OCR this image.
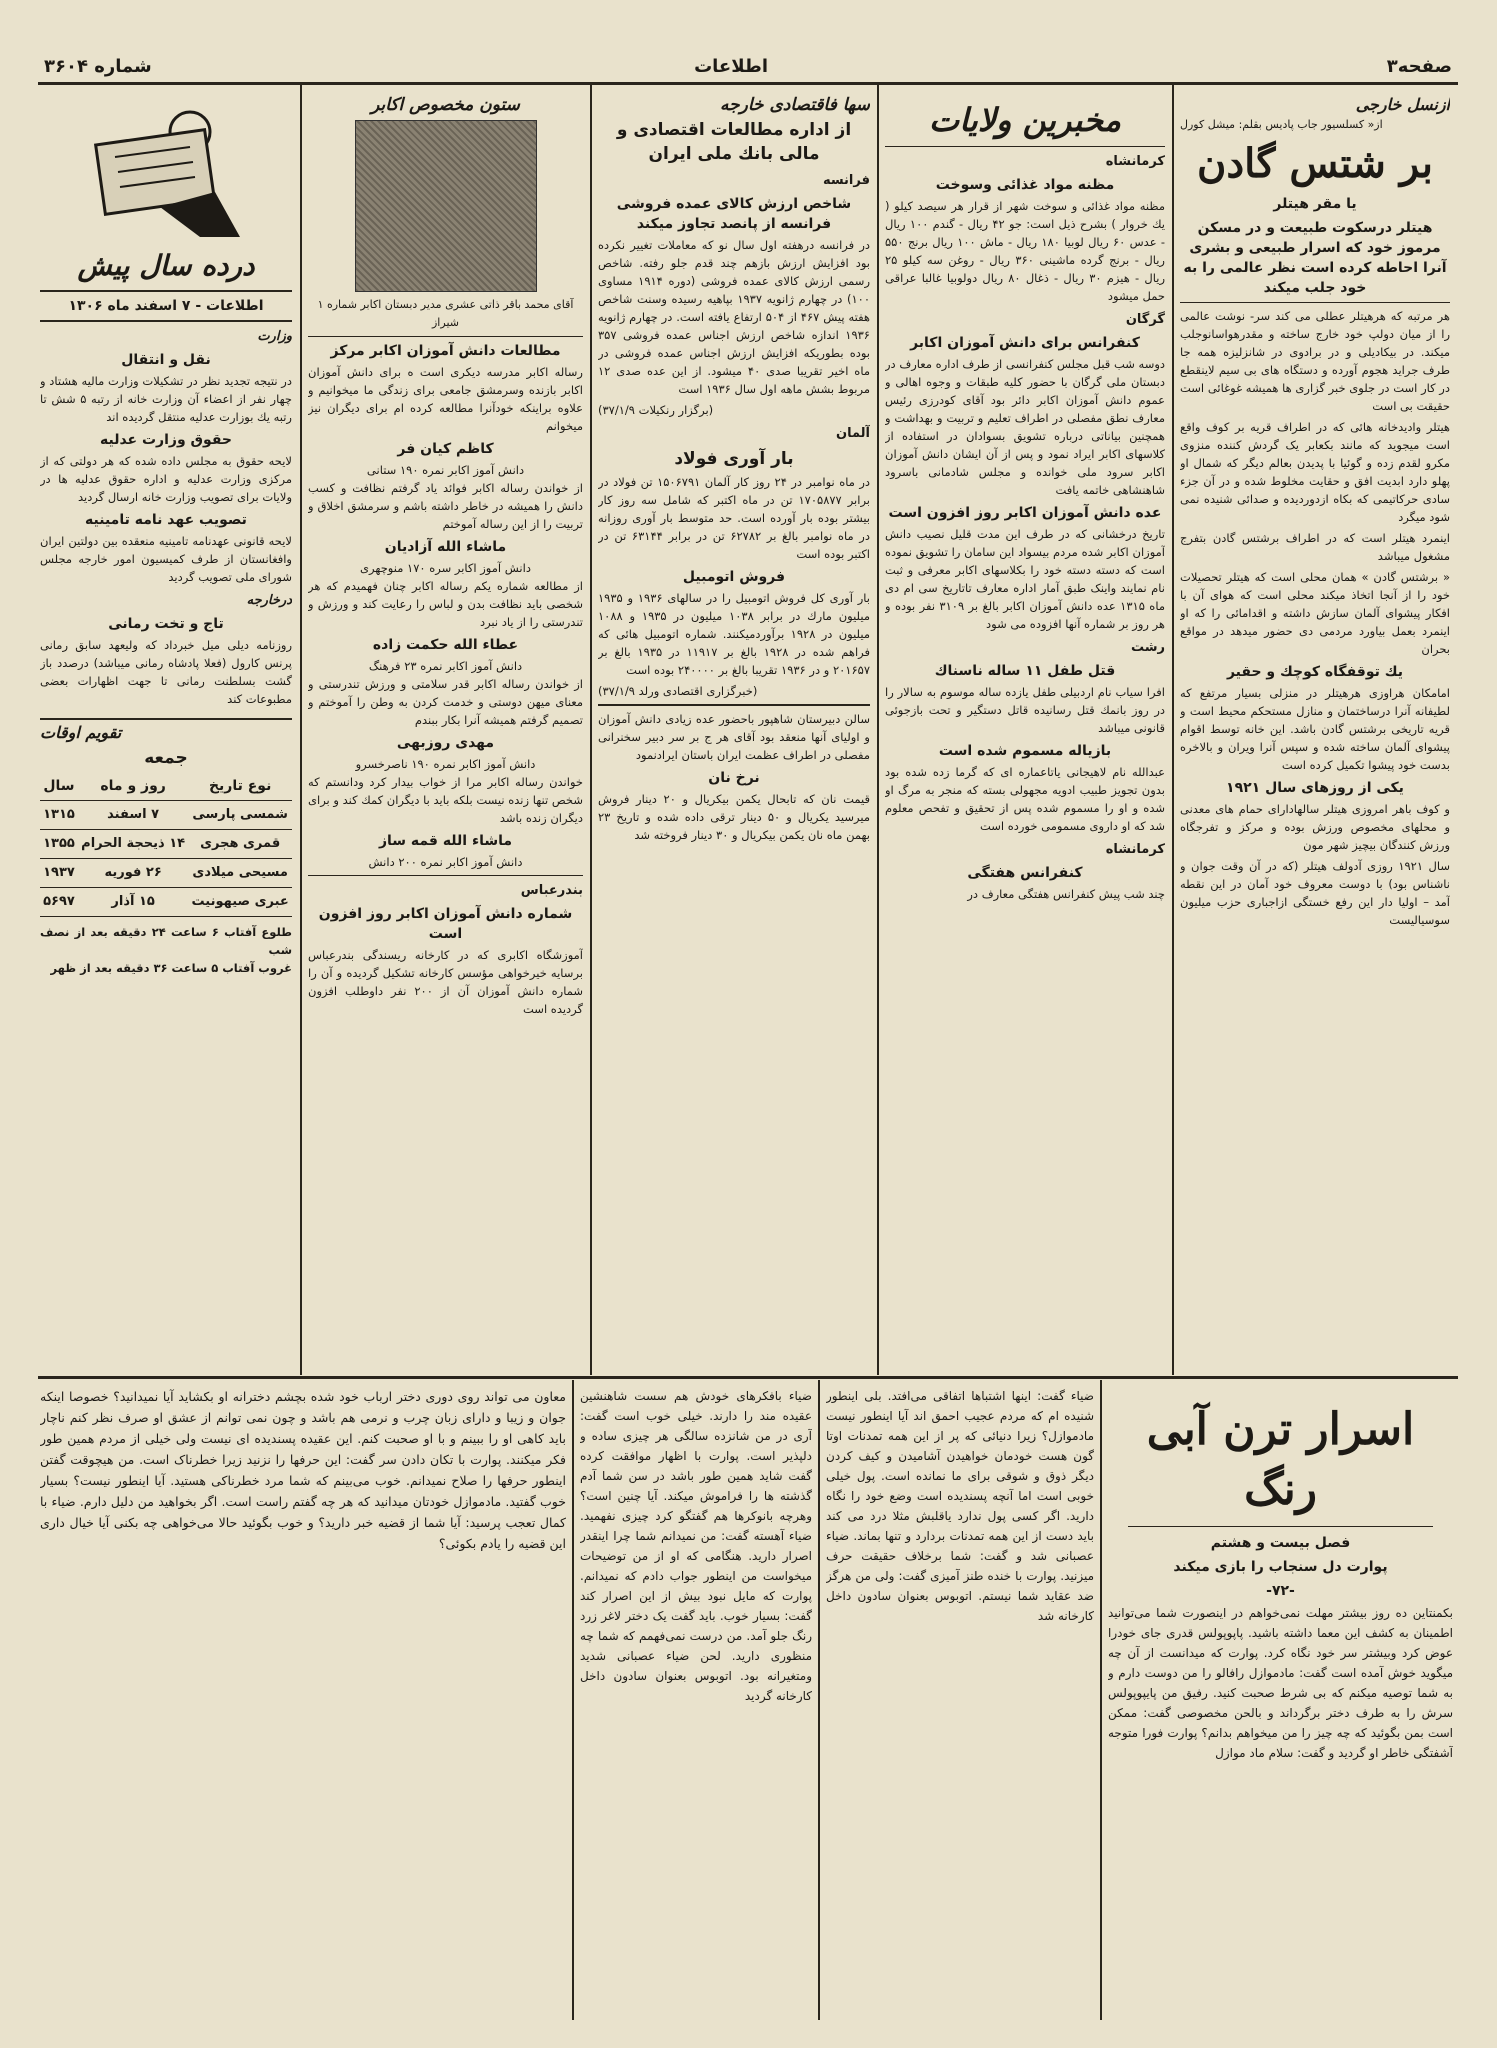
صفحه۳
اطلاعات
شماره ۳۶۰۴
ازنسل خارجی
از« کسلسیور جاب پادیس بقلم: میشل کورل
بر شتس گادن
یا مقر هیتلر
هیتلر درسکوت طبیعت و در مسکن مرموز خود که اسرار طبیعی و بشری آنرا احاطه کرده است نظر عالمی را به خود جلب میکند

هر مرتبه که هرهیتلر عطلی می کند سر- نوشت عالمی را از میان دولپ خود خارج ساخته و مقدرهواسانوجلب میکند. در بیکادیلی و در برادوی در شانزلیزه همه جا طرف جراید هجوم آورده و دستگاه های بی سیم لاینقطع در کار است در جلوی خبر گزاری ها همیشه غوغائی است حقیقت بی است

هیتلر وادیدخانه هائی که در اطراف قریه بر کوف واقع است میجوید که مانند بکعابر یک گردش کننده منزوی مکرو لقدم زده و گوئیا با پدیدن بعالم دیگر که شمال او پهلو دارد ابدیت افق و حقایت مخلوط شده و در آن جزء سادی حرکاتیمی که بکاه ازدوردیده و صدائی شنیده نمی شود میگرد

اینمرد هیتلر است که در اطراف برشتس گادن بتفرج مشغول میباشد

« برشتس گادن » همان محلی است که هیتلر تحصیلات خود را از آنجا اتخاذ میکند محلی است که هوای آن با افکار پیشوای آلمان سازش داشته و اقدامائی را که او اینمرد بعمل بیاورد مردمی دی حضور میدهد در مواقع بحران

یك توقفگاه کوچك و حقیر

امامکان هراوزی هرهیتلر در منزلی بسیار مرتفع که لطیفانه آنرا درساختمان و منازل مستحکم محیط است و قریه تاریخی برشتس گادن باشد. این خانه توسط اقوام پیشوای آلمان ساخته شده و سپس آنرا ویران و بالاخره بدست خود پیشوا تکمیل کرده است

یکی از روزهای سال ۱۹۲۱

و کوف باهر امروزی هیتلر سالهادارای حمام های معدنی و محلهای مخصوص ورزش بوده و مرکز و تفرجگاه ورزش کنندگان بیچیز شهر مون

سال ۱۹۲۱ روزی آدولف هیتلر (که در آن وقت جوان و ناشناس بود) با دوست معروف خود آمان در این نقطه آمد – اولیا دار این رفع خستگی ازاجباری حزب میلیون سوسیالیست

مخبرین ولایات
کرمانشاه
مظنه مواد غذائی وسوخت

مظنه مواد غذائی و سوخت شهر از قرار هر سیصد کیلو ( یك خروار ) بشرح ذیل است: جو ۴۲ ریال - گندم ۱۰۰ ریال - عدس ۶۰ ریال لوبیا ۱۸۰ ریال - ماش ۱۰۰ ریال برنج ۵۵۰ ریال - برنج گرده ماشینی ۳۶۰ ریال - روغن سه کیلو ۲۵ ریال - هیزم ۳۰ ریال - ذغال ۸۰ ریال دولوبیا غالبا عراقی حمل میشود

گرگان
کنفرانس برای دانش آموزان اکابر

دوسه شب قبل مجلس کنفرانسی از طرف اداره معارف در دبستان ملی گرگان با حضور کلیه طبقات و وجوه اهالی و عموم دانش آموزان اکابر دائر بود آقای کودرزی رئیس معارف نطق مفصلی در اطراف تعلیم و تربیت و بهداشت و همچنین بیاناتی درباره تشویق بسوادان در استفاده از کلاسهای اکابر ایراد نمود و پس از آن ایشان دانش آموزان اکابر سرود ملی خوانده و مجلس شادمانی باسرود شاهنشاهی خاتمه یافت

عده دانش آموزان اکابر روز افزون است

تاریخ درخشانی که در طرف این مدت قلیل نصیب دانش آموزان اکابر شده مردم بیسواد این سامان را تشویق نموده است که دسته دسته خود را بکلاسهای اکابر معرفی و ثبت نام نمایند واینک طبق آمار اداره معارف تاتاریخ سی ام دی ماه ۱۳۱۵ عده دانش آموزان اکابر بالغ بر ۳۱۰۹ نفر بوده و هر روز بر شماره آنها افزوده می شود

رشت
قتل طفل ۱۱ ساله ناسناك

افرا سیاب نام اردبیلی طفل یازده ساله موسوم به سالار را در روز بانمك قتل رسانیده قاتل دستگیر و تحت بازجوئی قانونی میباشد

بازیاله مسموم شده است

عبدالله نام لاهیجانی یاتاعماره ای که گرما زده شده بود بدون تجویز طبیب ادویه مجهولی بسته که منجر به مرگ او شده و او را مسموم شده پس از تحقیق و تفحص معلوم شد که او داروی مسمومی خورده است

کرمانشاه
کنفرانس هفتگی

چند شب پیش کنفرانس هفتگی معارف در

سها فاقتصادی خارجه
از اداره مطالعات اقتصادی و مالی بانك ملی ایران
فرانسه
شاخص ارزش کالای عمده فروشی فرانسه از پانصد تجاوز میکند

در فرانسه درهفته اول سال نو که معاملات تغییر نکرده بود افزایش ارزش بازهم چند قدم جلو رفته. شاخص رسمی ارزش کالای عمده فروشی (دوره ۱۹۱۴ مساوی ۱۰۰) در چهارم ژانویه ۱۹۳۷ بپاهیه رسیده وسنت شاخص هفته پیش ۴۶۷ از ۵۰۴ ارتفاع یافته است. در چهارم ژانویه ۱۹۳۶ اندازه شاخص ارزش اجناس عمده فروشی ۳۵۷ بوده بطوریکه افزایش ارزش اجناس عمده فروشی در ماه اخیر تقریبا صدی ۴۰ میشود. از این عده صدی ۱۲ مربوط بشش ماهه اول سال ۱۹۳۶ است

(برگزار رنکیلات ۳۷/۱/۹)
آلمان
بار آوری فولاد

در ماه نوامبر در ۲۴ روز کار آلمان ۱۵۰۶۷۹۱ تن فولاد در برابر ۱۷۰۵۸۷۷ تن در ماه اکتبر که شامل سه روز کار بیشتر بوده بار آورده است. حد متوسط بار آوری روزانه در ماه نوامبر بالغ بر ۶۲۷۸۲ تن در برابر ۶۳۱۴۴ تن در اکتبر بوده است

فروش اتومبیل

بار آوری کل فروش اتومبیل را در سالهای ۱۹۳۶ و ۱۹۳۵ میلیون مارك در برابر ۱۰۳۸ میلیون در ۱۹۳۵ و ۱۰۸۸ میلیون در ۱۹۲۸ برآوردمیکنند. شماره اتومبیل هائی که فراهم شده در ۱۹۲۸ بالغ بر ۱۱۹۱۷ در ۱۹۳۵ بالغ بر ۲۰۱۶۵۷ و در ۱۹۳۶ تقریبا بالغ بر ۲۴۰۰۰۰ بوده است

(خبرگزاری اقتصادی ورلد ۳۷/۱/۹)

سالن دبیرستان شاهپور باحضور عده زیادی دانش آموزان و اولیای آنها منعقد بود آقای هر ج بر سر دبیر سخنرانی مفصلی در اطراف عظمت ایران باستان ایرادنمود

نرخ نان

قیمت نان که تابحال یکمن بیکریال و ۲۰ دینار فروش میرسید یکریال و ۵۰ دینار ترقی داده شده و تاریخ ۲۳ بهمن ماه نان یکمن بیکریال و ۳۰ دینار فروخته شد

ستون مخصوص اکابر
آقای محمد باقر ذاتی عشری مدیر دبستان اکابر شماره ۱ شیراز
مطالعات دانش آموزان اکابر مرکز

رساله اکابر مدرسه دیکری است ه برای دانش آموزان اکابر بازنده وسرمشق جامعی برای زندگی ما میخوانیم و علاوه براینکه خودآنرا مطالعه کرده ام برای دیگران نیز میخوانم

کاظم کیان فر
دانش آموز اکابر نمره ۱۹۰ ستانی

از خواندن رساله اکابر فوائد یاد گرفتم نظافت و کسب دانش را همیشه در خاطر داشته باشم و سرمشق اخلاق و تربیت را از این رساله آموختم

ماشاء الله آزادیان
دانش آموز اکابر سره ۱۷۰ منوچهری

از مطالعه شماره یکم رساله اکابر چنان فهمیدم که هر شخصی باید نظافت بدن و لباس را رعایت کند و ورزش و تندرستی را از یاد نبرد

عطاء الله حکمت زاده
دانش آموز اکابر نمره ۲۳ فرهنگ

از خواندن رساله اکابر قدر سلامتی و ورزش تندرستی و معنای میهن دوستی و خدمت کردن به وطن را آموختم و تصمیم گرفتم همیشه آنرا بکار ببندم

مهدی روزبهی
دانش آموز اکابر نمره ۱۹۰ ناصرخسرو

خواندن رساله اکابر مرا از خواب بیدار کرد ودانستم که شخص تنها زنده نیست بلکه باید با دیگران کمك کند و برای دیگران زنده باشد

ماشاء الله قمه ساز
دانش آموز اکابر نمره ۲۰۰ دانش
بندرعباس
شماره دانش آموزان اکابر روز افزون است

آموزشگاه اکابری که در کارخانه ریسندگی بندرعباس برسایه خیرخواهی مؤسس کارخانه تشکیل گردیده و آن را شماره دانش آموزان آن از ۲۰۰ نفر داوطلب افزون گردیده است

درده سال پیش
اطلاعات - ۷ اسفند ماه ۱۳۰۶
وزارت
نقل و انتقال

در نتیجه تجدید نظر در تشکیلات وزارت مالیه هشتاد و چهار نفر از اعضاء آن وزارت خانه از رتبه ۵ شش تا رتبه یك بوزارت عدلیه منتقل گردیده اند

حقوق وزارت عدلیه

لایحه حقوق به مجلس داده شده که هر دولتی که از مرکزی وزارت عدلیه و اداره حقوق عدلیه ها در ولایات برای تصویب وزارت خانه ارسال گردید

تصویب عهد نامه تامینیه

لایحه قانونی عهدنامه تامینیه منعقده بین دولتین ایران وافغانستان از طرف کمیسیون امور خارجه مجلس شورای ملی تصویب گردید

درخارجه
تاج و تخت رمانی

روزنامه دیلی میل خبرداد که ولیعهد سابق رمانی پرنس کارول (فعلا پادشاه رمانی میباشد) درصدد باز گشت بسلطنت رمانی تا جهت اظهارات بعضی مطبوعات کند

تقویم اوقات
جمعه
نوع تاریخ	روز و ماه	سال
شمسی پارسی	۷ اسفند	۱۳۱۵
قمری هجری	۱۴ ذیحجة الحرام	۱۳۵۵
مسیحی میلادی	۲۶ فوریه	۱۹۳۷
عبری صیهونیت	۱۵ آذار	۵۶۹۷
طلوع آفتاب ۶ ساعت ۲۴ دقیقه بعد از نصف شب
غروب آفتاب ۵ ساعت ۳۶ دقیقه بعد از ظهر
اسرار ترن آبی رنگ
فصل بیست و هشتم
پوارت دل سنجاب را بازی میکند
-۷۲-

بکمنتاین ده روز بیشتر مهلت نمی‌خواهم در اینصورت شما می‌توانید اطمینان به کشف این معما داشته باشید. پاپوپولس قدری جای خودرا عوض کرد وبیشتر سر خود نگاه کرد. پوارت که میدانست از آن چه میگوید خوش آمده است گفت: مادموازل رافالو را من دوست دارم و به شما توصیه میکنم که بی شرط صحبت کنید. رفیق من پایپوپولس سرش را به طرف دختر برگرداند و بالحن مخصوصی گفت: ممکن است بمن بگوئید که چه چیز را من میخواهم بدانم؟ پوارت فورا متوجه آشفتگی خاطر او گردید و گفت: سلام ماد موازل

ضیاء گفت: اینها اشتباها اتفاقی می‌افتد. بلی اینطور شنیده ام که مردم عجیب احمق اند آیا اینطور نیست مادموازل؟ زیرا دنیائی که پر از این همه تمدنات اوتا گون هست خودمان خواهیدن آشامیدن و کیف کردن دیگر ذوق و شوقی برای ما نمانده است. پول خیلی خوبی است اما آنچه پسندیده است وضع خود را نگاه دارید. اگر کسی پول ندارد یاقلبش مثلا درد می کند باید دست از این همه تمدنات بردارد و تنها بماند. ضیاء عصبانی شد و گفت: شما برخلاف حقیقت حرف میزنید. پوارت با خنده طنز آمیزی گفت: ولی من هرگز ضد عقاید شما نیستم. اتوبوس بعنوان سادون داخل کارخانه شد

ضیاء بافکرهای خودش هم سست شاهنشین عقیده مند را دارند. خیلی خوب است گفت: آری در من شانزده سالگی هر چیزی ساده و دلپذیر است. پوارت با اظهار موافقت کرده گفت شاید همین طور باشد در سن شما آدم گذشته ها را فراموش میکند. آیا چنین است؟ وهرچه بانوکرها هم گفتگو کرد چیزی نفهمید. ضیاء آهسته گفت: من نمیدانم شما چرا اینقدر اصرار دارید. هنگامی که او از من توضیحات میخواست من اینطور جواب دادم که نمیدانم. پوارت که مایل نبود بیش از این اصرار کند گفت: بسیار خوب. باید گفت یک دختر لاغر زرد رنگ جلو آمد. من درست نمی‌فهمم که شما چه منظوری دارید. لحن ضیاء عصبانی شدید ومتغیرانه بود. اتوبوس بعنوان سادون داخل کارخانه گردید

معاون می تواند روی دوری دختر ارباب خود شده بچشم دخترانه او بکشاید آیا نمیدانید؟ خصوصا اینکه جوان و زیبا و دارای زبان چرب و نرمی هم باشد و چون نمی توانم از عشق او صرف نظر کنم ناچار باید کاهی او را ببینم و با او صحبت کنم. این عقیده پسندیده ای نیست ولی خیلی از مردم همین طور فکر میکنند. پوارت با تکان دادن سر گفت: این حرفها را نزنید زیرا خطرناک است. من هیچوقت گفتن اینطور حرفها را صلاح نمیدانم. خوب می‌بینم که شما مرد خطرناکی هستید. آیا اینطور نیست؟ بسیار خوب گفتید. مادموازل خودتان میدانید که هر چه گفتم راست است. اگر بخواهید من دلیل دارم. ضیاء با کمال تعجب پرسید: آیا شما از قضیه خبر دارید؟ و خوب بگوئید حالا می‌خواهی چه بکنی آیا خیال داری این قضیه را یادم بکوئی؟
